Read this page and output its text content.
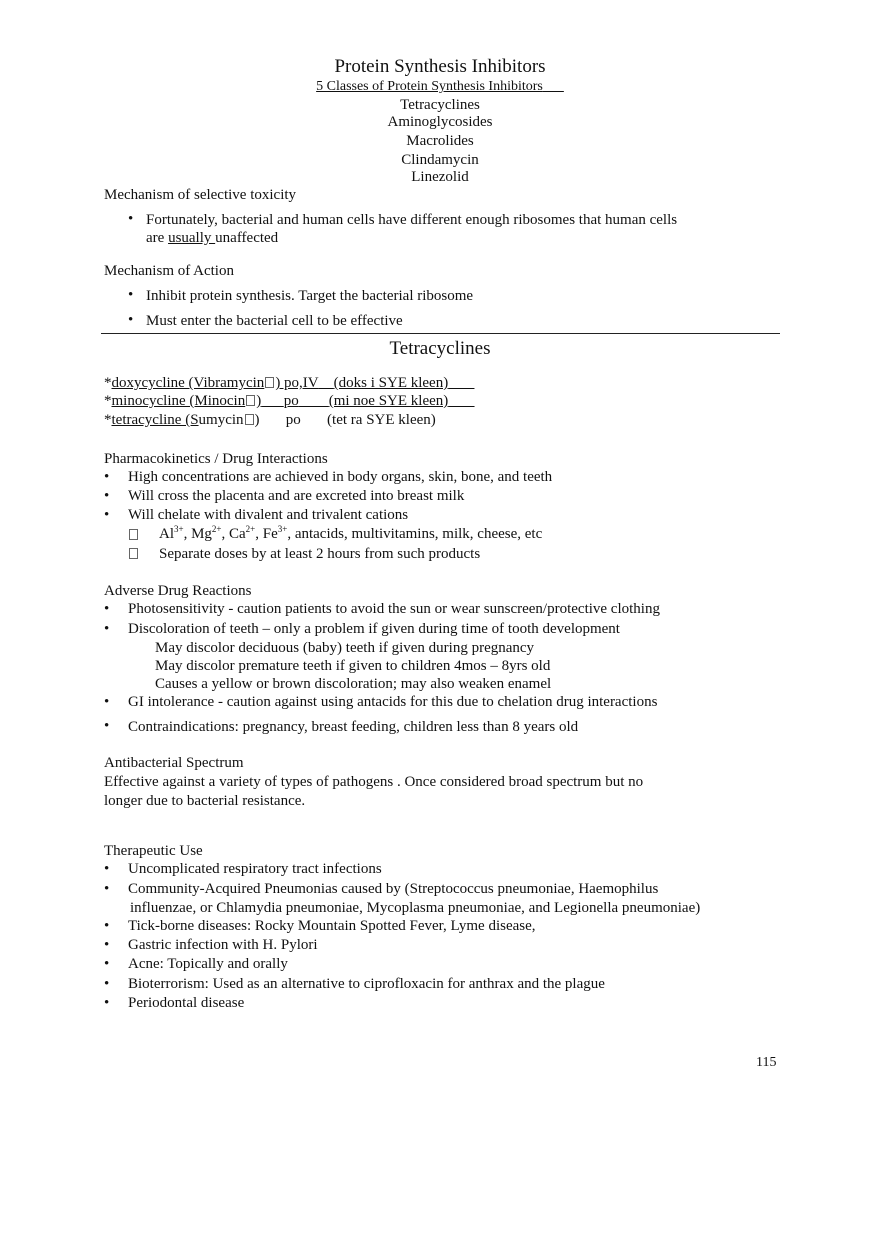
Protein Synthesis Inhibitors
5 Classes of Protein Synthesis Inhibitors
Tetracyclines
Aminoglycosides
Macrolides
Clindamycin
Linezolid
Mechanism of selective toxicity
• Fortunately, bacterial and human cells have different enough ribosomes that human cells
are usually unaffected
Mechanism of Action
• Inhibit protein synthesis. Target the bacterial ribosome
• Must enter the bacterial cell to be effective
Tetracyclines
*doxycycline (Vibramycin ) po,IV (doks i SYE kleen)
*minocycline (Minocin ) po (mi noe SYE kleen)
*tetracycline (Sumycin ) po (tet ra SYE kleen)
Pharmacokinetics / Drug Interactions
• High concentrations are achieved in body organs, skin, bone, and teeth
• Will cross the placenta and are excreted into breast milk
• Will chelate with divalent and trivalent cations
$Al^{3+}$, $Mg^{2+}$, $Ca^{2+}$, $Fe^{3+}$, antacids, multivitamins, milk, cheese, etc
Separate doses by at least 2 hours from such products
Adverse Drug Reactions
• Photosensitivity - caution patients to avoid the sun or wear sunscreen/protective clothing
• Discoloration of teeth – only a problem if given during time of tooth development
May discolor deciduous (baby) teeth if given during pregnancy
May discolor premature teeth if given to children 4mos – 8yrs old
Causes a yellow or brown discoloration; may also weaken enamel
• GI intolerance - caution against using antacids for this due to chelation drug interactions
• Contraindications: pregnancy, breast feeding, children less than 8 years old
Antibacterial Spectrum
Effective against a variety of types of pathogens . Once considered broad spectrum but no
longer due to bacterial resistance.
Therapeutic Use
• Uncomplicated respiratory tract infections
• Community-Acquired Pneumonias caused by (Streptococcus pneumoniae, Haemophilus
influenzae, or Chlamydia pneumoniae, Mycoplasma pneumoniae, and Legionella pneumoniae)
• Tick-borne diseases: Rocky Mountain Spotted Fever, Lyme disease,
• Gastric infection with H. Pylori
• Acne: Topically and orally
• Bioterrorism: Used as an alternative to ciprofloxacin for anthrax and the plague
• Periodontal disease
115
